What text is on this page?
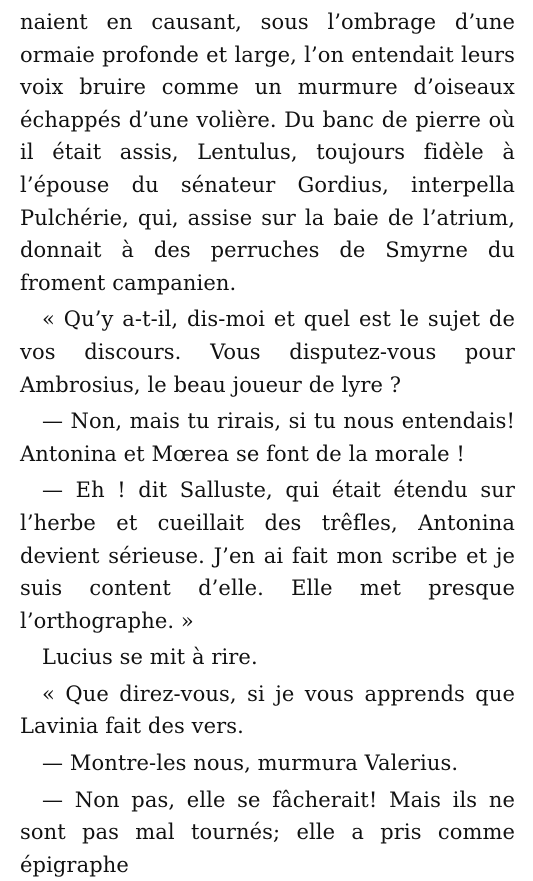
naient en causant, sous l’ombrage d’une ormaie profonde et large, l’on entendait leurs voix bruire comme un murmure d’oiseaux échappés d’une volière. Du banc de pierre où il était assis, Lentulus, toujours fidèle à l’épouse du sénateur Gordius, interpella Pulchérie, qui, assise sur la baie de l’atrium, donnait à des perruches de Smyrne du froment campanien.

« Qu’y a-t-il, dis-moi et quel est le sujet de vos discours. Vous disputez-vous pour Ambrosius, le beau joueur de lyre ?

— Non, mais tu rirais, si tu nous entendais! Antonina et Mœrea se font de la morale !

— Eh ! dit Salluste, qui était étendu sur l’herbe et cueillait des trêfles, Antonina devient sérieuse. J’en ai fait mon scribe et je suis content d’elle. Elle met presque l’orthographe. »

Lucius se mit à rire.

« Que direz-vous, si je vous apprends que Lavinia fait des vers.

— Montre-les nous, murmura Valerius.

— Non pas, elle se fâcherait! Mais ils ne sont pas mal tournés; elle a pris comme épigraphe
